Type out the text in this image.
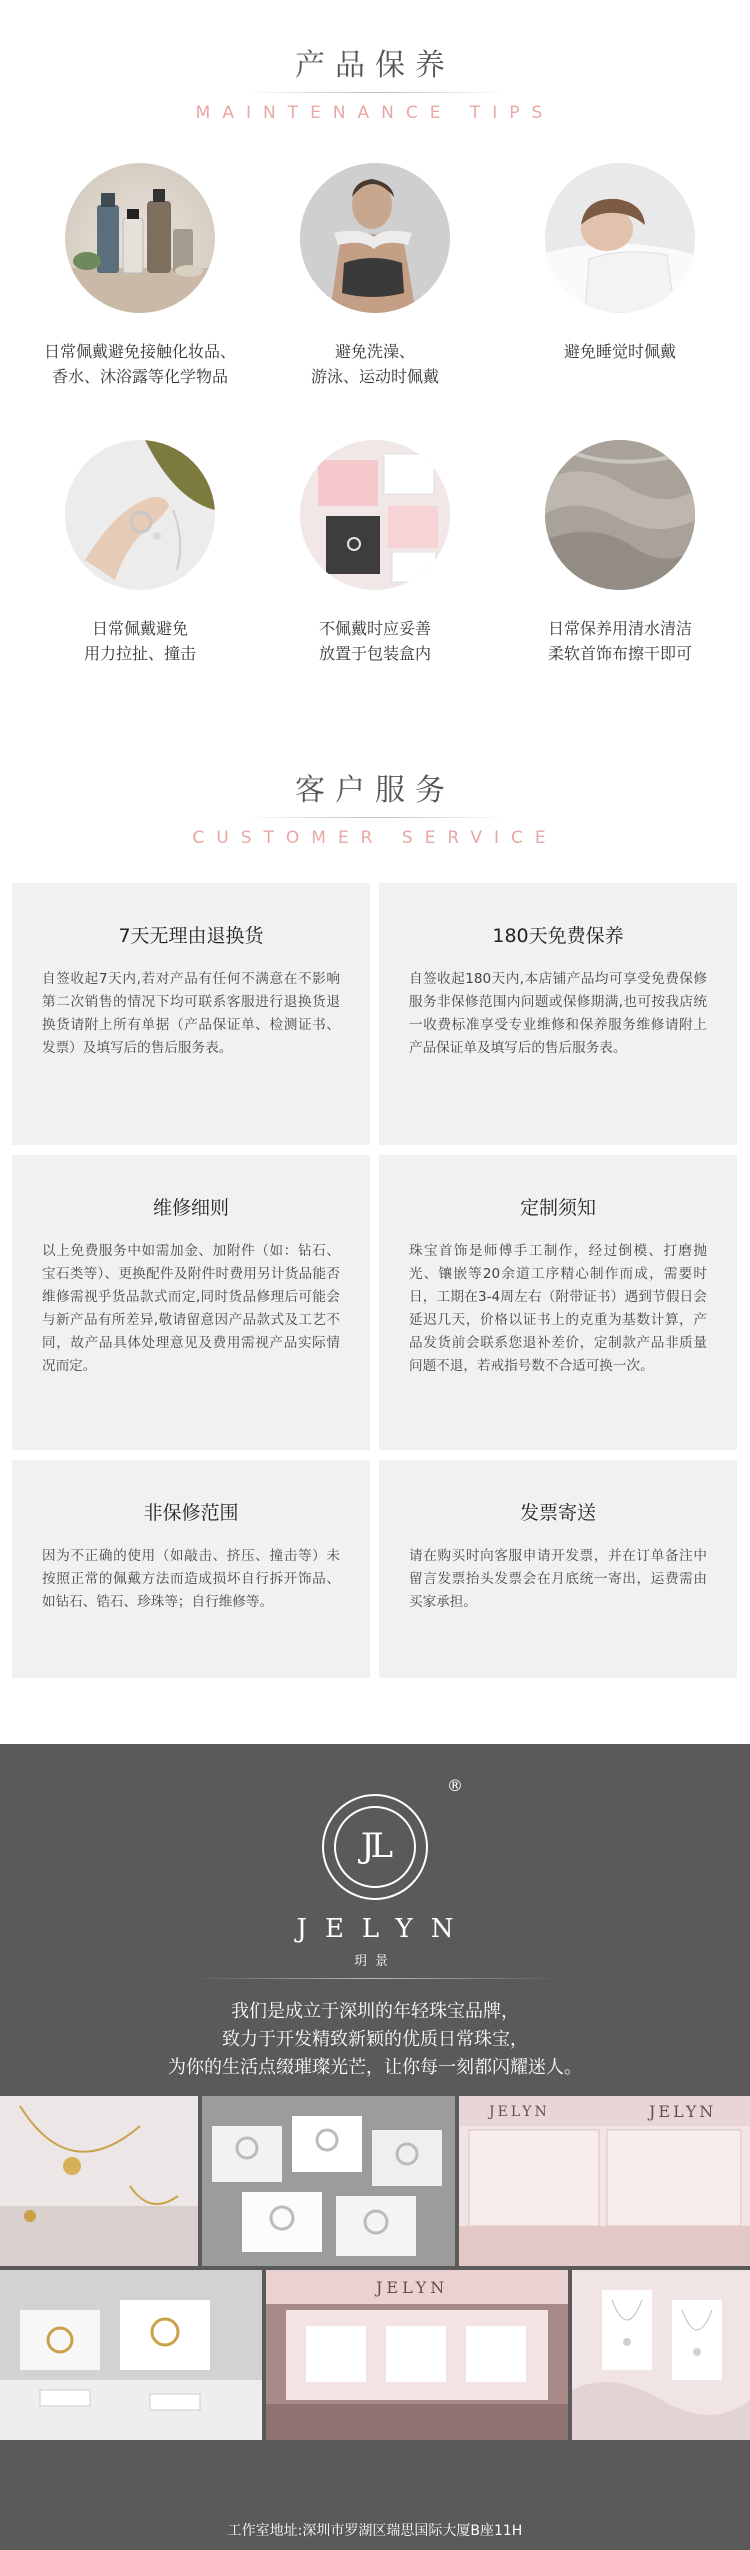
产品保养
MAINTENANCE TIPS
日常佩戴避免接触化妆品、
香水、沐浴露等化学物品
避免洗澡、
游泳、运动时佩戴
避免睡觉时佩戴
日常佩戴避免
用力拉扯、撞击
不佩戴时应妥善
放置于包装盒内
日常保养用清水清洁
柔软首饰布擦干即可
客户服务
CUSTOMER SERVICE
7天无理由退换货
自签收起7天内,若对产品有任何不满意在不影响第二次销售的情况下均可联系客服进行退换货退换货请附上所有单据（产品保证单、检测证书、发票）及填写后的售后服务表。
180天免费保养
自签收起180天内,本店铺产品均可享受免费保修服务非保修范围内问题或保修期满,也可按我店统一收费标准享受专业维修和保养服务维修请附上产品保证单及填写后的售后服务表。
维修细则
以上免费服务中如需加金、加附件（如：钻石、宝石类等）、更换配件及附件时费用另计货品能否维修需视乎货品款式而定,同时货品修理后可能会与新产品有所差异,敬请留意因产品款式及工艺不同，故产品具体处理意见及费用需视产品实际情况而定。
定制须知
珠宝首饰是师傅手工制作，经过倒模、打磨抛光、镶嵌等20余道工序精心制作而成，需要时日，工期在3-4周左右（附带证书）遇到节假日会延迟几天，价格以证书上的克重为基数计算，产品发货前会联系您退补差价，定制款产品非质量问题不退，若戒指号数不合适可换一次。
非保修范围
因为不正确的使用（如敲击、挤压、撞击等）未按照正常的佩戴方法而造成损坏自行拆开饰品、如钻石、锆石、珍珠等；自行维修等。
发票寄送
请在购买时向客服申请开发票，并在订单备注中留言发票抬头发票会在月底统一寄出，运费需由买家承担。
JL
®
JELYN
玥景
我们是成立于深圳的年轻珠宝品牌，
致力于开发精致新颖的优质日常珠宝，
为你的生活点缀璀璨光芒，让你每一刻都闪耀迷人。
JELYN	JELYN
JELYN
工作室地址:深圳市罗湖区瑞思国际大厦B座11H
